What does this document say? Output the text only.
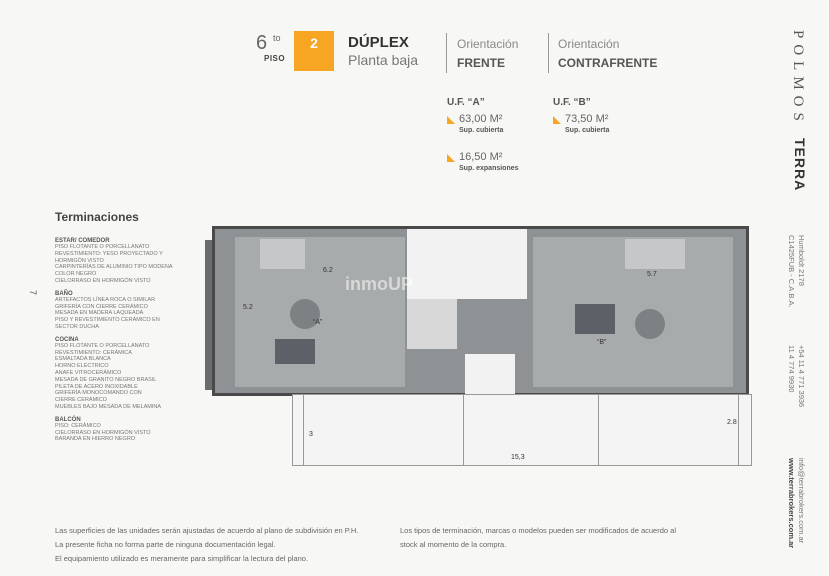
6 to
PISO
2	DÚPLEX
Planta baja
Orientación
FRENTE
Orientación
CONTRAFRENTE
U.F. “A”
63,00 M²
Sup. cubierta
U.F. “B”
73,50 M²
Sup. cubierta
16,50 M²
Sup. expansiones
7
Terminaciones
ESTAR/ COMEDOR
PISO FLOTANTE O PORCELLANATO
REVESTIMIENTO: YESO PROYECTADO Y
HORMIGÓN VISTO
CARPINTERÍAS DE ALUMINIO TIPO MODENA
COLOR NEGRO
CIELORRASO EN HORMIGÓN VISTO
BAÑO
ARTEFACTOS LÍNEA ROCA O SIMILAR
GRIFERÍA CON CIERRE CERÁMICO
MESADA EN MADERA LAQUEADA
PISO Y REVESTIMIENTO CERÁMICO EN
SECTOR DUCHA
COCINA
PISO FLOTANTE O PORCELLANATO
REVESTIMIENTO: CERÁMICA
ESMALTADA BLANCA
HORNO ELÉCTRICO
ANAFE VITROCERÁMICO
MESADA DE GRANITO NEGRO BRASIL
PILETA DE ACERO INOXIDABLE
GRIFERÍA MONOCOMANDO CON
CIERRE CERÁMICO
MUEBLES BAJO MESADA DE MELAMINA
BALCÓN
PISO: CERÁMICO
CIELORRASO EN HORMIGÓN VISTO
BARANDA EN HIERRO NEGRO
“A”
“B”
6.2
5.7
5.2
inmoUP
3
15,3
2.8
Las superficies de las unidades serán ajustadas de acuerdo al plano de subdivisión en P.H.
La presente ficha no forma parte de ninguna documentación legal.
El equipamiento utilizado es meramente para simplificar la lectura del plano.
Los tipos de terminación, marcas o modelos pueden ser modificados de acuerdo al
stock al momento de la compra.
POLMOS
TERRA
Humboldt 2178
C1425FUB - C.A.B.A.
+54 11 4 771 3936
11 4 774 9930
info@terrabrokers.com.ar
www.terrabrokers.com.ar
